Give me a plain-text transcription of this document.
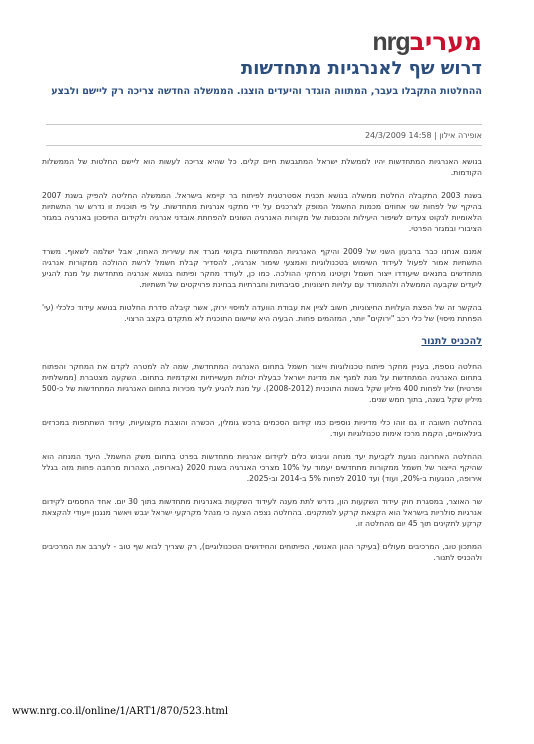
nrg מעריב
דרוש שף לאנרגיות מתחדשות
ההחלטות התקבלו בעבר, המתווה הוגדר והיעדים הוצגו. הממשלה החדשה צריכה רק ליישם ולבצע
אופירה אילון | 14:58 24/3/2009

בנושא האנרגיות המתחדשות יהיו לממשלת ישראל המתגבשת חיים קלים. כל שהיא צריכה לעשות הוא ליישם החלטות של הממשלות הקודמות.

בשנת 2003 התקבלה החלטת ממשלה בנושא תכנית אסטרטגית לפיתוח בר קיימא בישראל. הממשלה החליטה להפיק בשנת 2007 בהיקף של לפחות שני אחוזים מכמות החשמל המופק לצרכנים על ידי מתקני אנרגיות מתחדשות. על פי תוכנית זו נדרש שר התשתיות הלאומיות לנקוט צעדים לשיפור היעילות והכנסות של מקורות האנרגיה השונים להפחתת אובדני אנרגיה ולקידום החיסכון באנרגיה במגזר הציבורי ובמגזר הפרטי.

אמנם אנחנו כבר ברבעון השני של 2009 והיקף האנרגיות המתחדשות בקושי מגרד את עשירית האחוז, אבל ישלמה לשאוף. משרד התשתיות אמור לפעול לעידוד השימוש בטכנולוגיות ואמצעי שימור אנרגיה, להסדיר קבלת חשמל לרשת ההולכה ממקורות אנרגיה מתחדשים בתנאים שיעודדו ייצור חשמל וקיטינו מרחקי ההולכה. כמו כן, לעודד מחקר ופיתוח בנושא אנרגיה מתחדשת על מנת להגיע ליעדים שקבעה הממשלה ולהתמודד עם עלויות חיצוניות, סביבתיות וחברתיות בבחינת פרויקטים של תשתיות.

בהקשר זה של הפצת העלויות החיצוניות, חשוב לציין את עבודת הוועדה למיסוי ירוק, אשר קיבלה סדרת החלטות בנושא עידוד כלכלי (עי' הפחתת מיסוי) של כלי רכב "ירוקים" יותר, המזהמים פחות. הבעיה היא שיישום התוכנית לא מתקדם בקצב הרצוי.

להכניס לתנור

החלטה נוספת, בעניין מחקר פיתוח טכנולוגיות וייצור חשמל בתחום האנרגיה המתחדשת, שמה לה למטרה לקדם את המחקר והפתוח בתחום האנרגיה המתחדשת על מנת למנף את מדינת ישראל כבעלת יכולות תעשייתיות ואקדמיות בתחום. השקעה מצטברת (ממשלתית ופרטית) של לפחות 400 מיליון שקל בשנות התוכנית (2008-2012). על מנת להגיע ליעד מכירות בתחום האנרגיות המתחדשות של כ-500 מיליון שקל בשנה, בתוך חמש שנים.

בהחלטה חשובה זו גם זוהו כלי מדיניות נוספים כמו קידום הסכמים ברכש גומלין, הכשרה והוצבת מקצועיות, עידוד השתתפות במכרזים בינלאומיים, הקמת מרכז אימות טכנולוגיות ועוד.

ההחלטה האחרונה נוגעת לקביעת יעד מנחה וגיבוש כלים לקידום אנרגיות מתחדשות בפרט בתחום משק החשמל. היעד המנחה הוא שהיקף הייצור של חשמל ממקורות מתחדשים יעמוד על 10% מצרכי האנרגיה בשנת 2020 (בארופה, הצהרות מרחבה פחות מזה בגלל אירופה, הנוגעות ב-20%, ועוד) ועד 2010 לפחות 5% ב-2014 וב-2025.

שר האוצר, במסגרת חוק עידוד השקעות הון, נדרש לתת מענה לעידוד השקעות באנרגיות מתחדשות בתוך 30 יום. אחד החסמים לקידום אנרגיות סולריות בישראל הוא הקצאת קרקע למתקנים. בהחלטה נצפה הצעה כי מנהל מקרקעי ישראל יגבש ויאשר מנגנון ייעודי להקצאת קרקע לתקינים תוך 45 יום מהחלטה זו.

המתכון טוב, המרכיבים מעולים (בעיקר ההון האנושי, הפיתוחים והחידושים הטכנולוגיים), רק שצריך לבוא שף טוב - לערבב את המרכיבים ולהכניס לתנור.

www.nrg.co.il/online/1/ART1/870/523.html
